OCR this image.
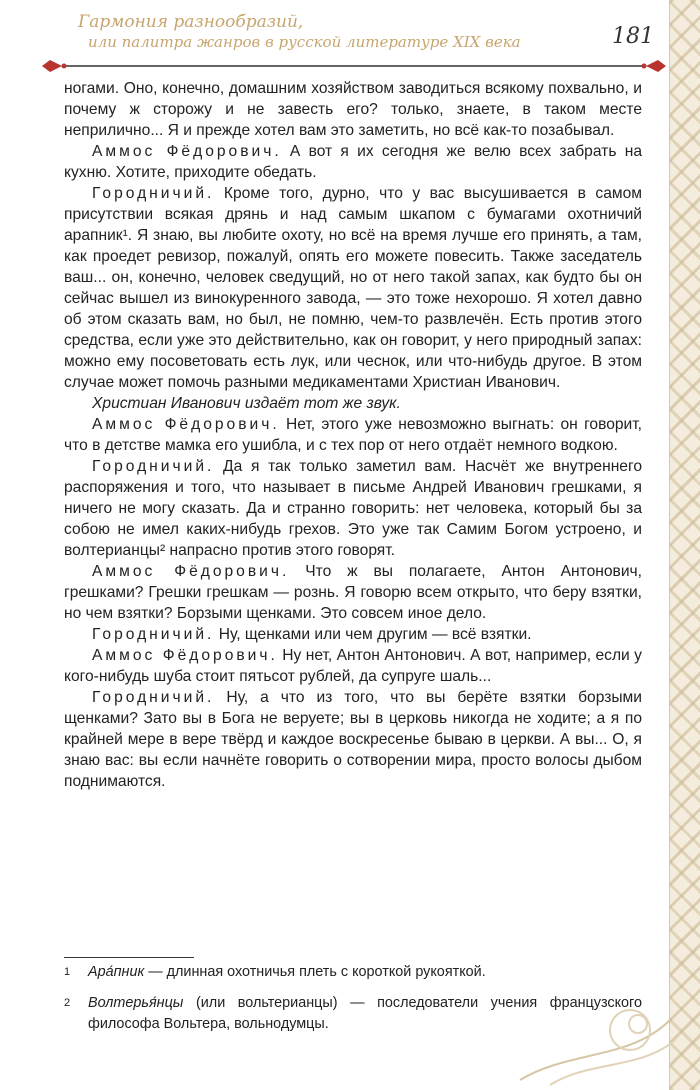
Гармония разнообразий,
или палитра жанров в русской литературе XIX века	181

ногами. Оно, конечно, домашним хозяйством заводиться всякому похвально, и почему ж сторожу и не завесть его? только, знаете, в таком месте неприлично... Я и прежде хотел вам это заметить, но всё как-то позабывал.

Аммос Фёдорович. А вот я их сегодня же велю всех забрать на кухню. Хотите, приходите обедать.

Городничий. Кроме того, дурно, что у вас высушивается в самом присутствии всякая дрянь и над самым шкапом с бумагами охотничий арапник¹. Я знаю, вы любите охоту, но всё на время лучше его принять, а там, как проедет ревизор, пожалуй, опять его можете повесить. Также заседатель ваш... он, конечно, человек сведущий, но от него такой запах, как будто бы он сейчас вышел из винокуренного завода, — это тоже нехорошо. Я хотел давно об этом сказать вам, но был, не помню, чем-то развлечён. Есть против этого средства, если уже это действительно, как он говорит, у него природный запах: можно ему посоветовать есть лук, или чеснок, или что-нибудь другое. В этом случае может помочь разными медикаментами Христиан Иванович.

Христиан Иванович издаёт тот же звук.

Аммос Фёдорович. Нет, этого уже невозможно выгнать: он говорит, что в детстве мамка его ушибла, и с тех пор от него отдаёт немного водкою.

Городничий. Да я так только заметил вам. Насчёт же внутреннего распоряжения и того, что называет в письме Андрей Иванович грешками, я ничего не могу сказать. Да и странно говорить: нет человека, который бы за собою не имел каких-нибудь грехов. Это уже так Самим Богом устроено, и волтерианцы² напрасно против этого говорят.

Аммос Фёдорович. Что ж вы полагаете, Антон Антонович, грешками? Грешки грешкам — рознь. Я говорю всем открыто, что беру взятки, но чем взятки? Борзыми щенками. Это совсем иное дело.

Городничий. Ну, щенками или чем другим — всё взятки.

Аммос Фёдорович. Ну нет, Антон Антонович. А вот, например, если у кого-нибудь шуба стоит пятьсот рублей, да супруге шаль...

Городничий. Ну, а что из того, что вы берёте взятки борзыми щенками? Зато вы в Бога не веруете; вы в церковь никогда не ходите; а я по крайней мере в вере твёрд и каждое воскресенье бываю в церкви. А вы... О, я знаю вас: вы если начнёте говорить о сотворении мира, просто волосы дыбом поднимаются.

1 Ара́пник — длинная охотничья плеть с короткой рукояткой.
2 Волтерья́нцы (или вольтерианцы) — последователи учения французского философа Вольтера, вольнодумцы.
